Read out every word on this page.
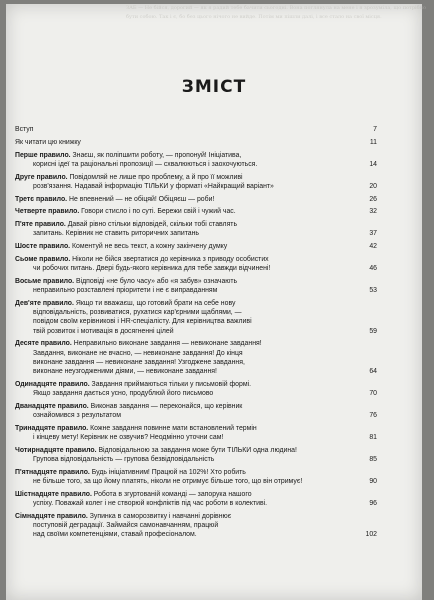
ЗАБ — Не бійся, дорогий — як я радий тебе бачити сьогодні. Вона поглянула на мене і я зрозуміла, що потрібно бути собою. Так і є, бо без цього нічого не вийде. Потім ми пішли далі, і все стало на свої місця.
ЗМІСТ
Вступ	7
Як читати цю книжку	11
Перше правило. Знаєш, як поліпшити роботу, — пропонуй! Ініціатива,
корисні ідеї та раціональні пропозиції — схвалюються і заохочуються.	14
Друге правило. Повідомляй не лише про проблему, а й про її можливі
розв'язання. Надавай інформацію ТІЛЬКИ у форматі «Найкращий варіант»	20
Третє правило. Не впевнений — не обіцяй! Обіцяєш — роби!	26
Четверте правило. Говори стисло і по суті. Бережи свій і чужий час.	32
П'яте правило. Давай рівно стільки відповідей, скільки тобі ставлять
запитань. Керівник не ставить риторичних запитань	37
Шосте правило. Коментуй не весь текст, а кожну закінчену думку	42
Сьоме правило. Ніколи не бійся звертатися до керівника з приводу особистих
чи робочих питань. Двері будь-якого керівника для тебе завжди відчинені!	46
Восьме правило. Відповіді «не було часу» або «я забув» означають
неправильно розставлені пріоритети і не є виправданням	53
Дев'яте правило. Якщо ти вважаєш, що готовий брати на себе нову
відповідальність, розвиватися, рухатися кар'єрними щаблями, —
повідом своїм керівникові і HR-спеціалісту. Для керівництва важливі
твій розвиток і мотивація в досягненні цілей	59
Десяте правило. Неправильно виконане завдання — невиконане завдання!
Завдання, виконане не вчасно, — невиконане завдання! До кінця
виконане завдання — невиконане завдання! Узгоджене завдання,
виконане неузгодженими діями, — невиконане завдання!	64
Одинадцяте правило. Завдання приймаються тільки у письмовій формі.
Якщо завдання дається усно, продублюй його письмово	70
Дванадцяте правило. Виконав завдання — переконайся, що керівник
ознайомився з результатом	76
Тринадцяте правило. Кожне завдання повинне мати встановлений термін
і кінцеву мету! Керівник не озвучив? Неодмінно уточни сам!	81
Чотирнадцяте правило. Відповідальною за завдання може бути ТІЛЬКИ одна людина!
Групова відповідальність — групова безвідповідальність	85
П'ятнадцяте правило. Будь ініціативним! Працюй на 102%! Хто робить
не більше того, за що йому платять, ніколи не отримує більше того, що він отримує!	90
Шістнадцяте правило. Робота в згуртованій команді — запорука нашого
успіху. Поважай колег і не створюй конфліктів під час роботи в колективі.	96
Сімнадцяте правило. Зупинка в саморозвитку і навчанні дорівнює
поступовій деградації. Займайся самонавчанням, працюй
над своїми компетенціями, ставай професіоналом.	102
